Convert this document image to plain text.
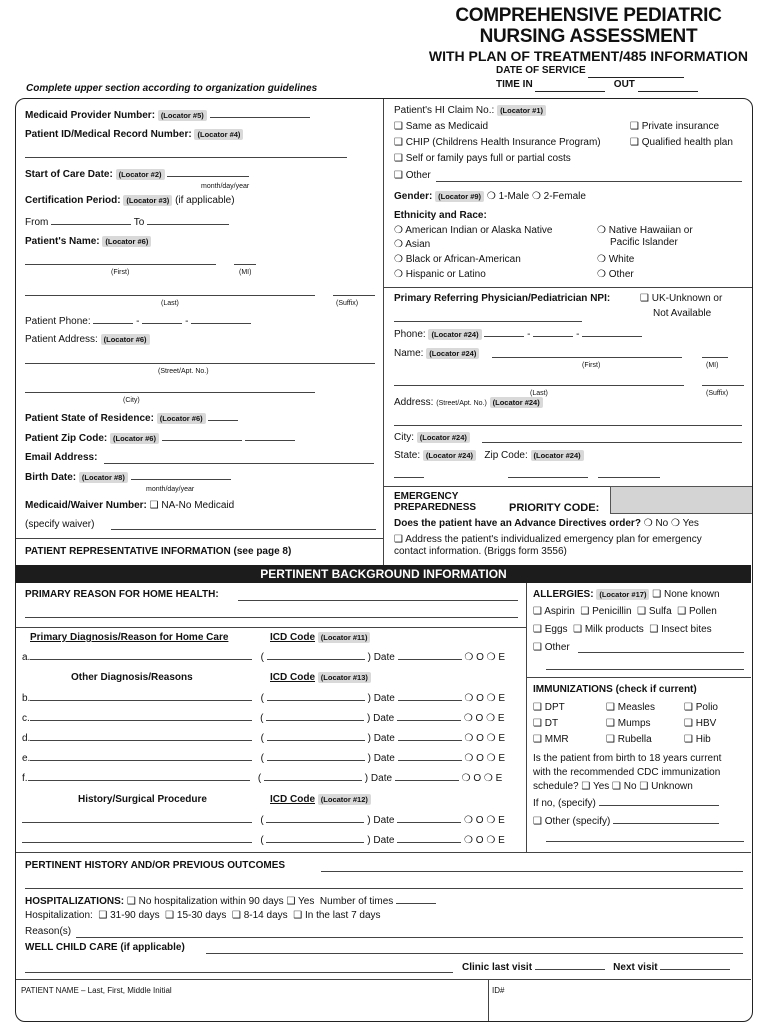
COMPREHENSIVE PEDIATRIC
NURSING ASSESSMENT
WITH PLAN OF TREATMENT/485 INFORMATION
DATE OF SERVICE
TIME IN	OUT
Complete upper section according to organization guidelines
Medicaid Provider Number: (Locator #5)
Patient ID/Medical Record Number: (Locator #4)
Start of Care Date: (Locator #2)
month/day/year
Certification Period: (Locator #3) (if applicable)
From	To
Patient's Name: (Locator #6)
(First)	(MI)
(Last)	(Suffix)
Patient Phone:	-	-
Patient Address: (Locator #6)
(Street/Apt. No.)
(City)
Patient State of Residence: (Locator #6)
Patient Zip Code: (Locator #6)
Email Address:
Birth Date: (Locator #8)
month/day/year
Medicaid/Waiver Number: ❑ NA-No Medicaid
(specify waiver)
PATIENT REPRESENTATIVE INFORMATION (see page 8)
Patient's HI Claim No.: (Locator #1)
❑ Same as Medicaid	❑ Private insurance
❑ CHIP (Childrens Health Insurance Program)	❑ Qualified health plan
❑ Self or family pays full or partial costs
❑ Other
Gender: (Locator #9) ❍ 1-Male ❍ 2-Female
Ethnicity and Race:
❍ American Indian or Alaska Native	❍ Native Hawaiian or
Pacific Islander
❍ Asian
❍ Black or African-American	❍ White
❍ Hispanic or Latino	❍ Other
Primary Referring Physician/Pediatrician NPI:	❑ UK-Unknown or
Not Available
Phone: (Locator #24)	-	-
Name: (Locator #24)
(First)	(MI)
(Last)	(Suffix)
Address: (Street/Apt. No.) (Locator #24)
City: (Locator #24)
State: (Locator #24) Zip Code: (Locator #24)
EMERGENCY
PREPAREDNESS	PRIORITY CODE:
Does the patient have an Advance Directives order? ❍ No ❍ Yes
❑ Address the patient's individualized emergency plan for emergency
contact information. (Briggs form 3556)
PERTINENT BACKGROUND INFORMATION
PRIMARY REASON FOR HOME HEALTH:
Primary Diagnosis/Reason for Home Care	ICD Code (Locator #11)
Other Diagnosis/Reasons	ICD Code (Locator #13)
History/Surgical Procedure	ICD Code (Locator #12)
a.	(	) Date	❍ O ❍ E
b.	(	) Date	❍ O ❍ E
c.	(	) Date	❍ O ❍ E
d.	(	) Date	❍ O ❍ E
e.	(	) Date	❍ O ❍ E
f.	(	) Date	❍ O ❍ E
(	) Date	❍ O ❍ E
(	) Date	❍ O ❍ E
ALLERGIES: (Locator #17) ❑ None known
❑ Aspirin ❑ Penicillin ❑ Sulfa ❑ Pollen
❑ Eggs ❑ Milk products ❑ Insect bites
❑ Other
IMMUNIZATIONS (check if current)
❑ DPT
❑ DT
❑ MMR
❑ Measles
❑ Mumps
❑ Rubella
❑ Polio
❑ HBV
❑ Hib
Is the patient from birth to 18 years current
with the recommended CDC immunization
schedule? ❑ Yes ❑ No ❑ Unknown
If no, (specify)
❑ Other (specify)
PERTINENT HISTORY AND/OR PREVIOUS OUTCOMES
HOSPITALIZATIONS: ❑ No hospitalization within 90 days ❑ Yes Number of times
Hospitalization: ❑ 31-90 days ❑ 15-30 days ❑ 8-14 days ❑ In the last 7 days
Reason(s)
WELL CHILD CARE (if applicable)
Clinic last visit	Next visit
PATIENT NAME – Last, First, Middle Initial	ID#
